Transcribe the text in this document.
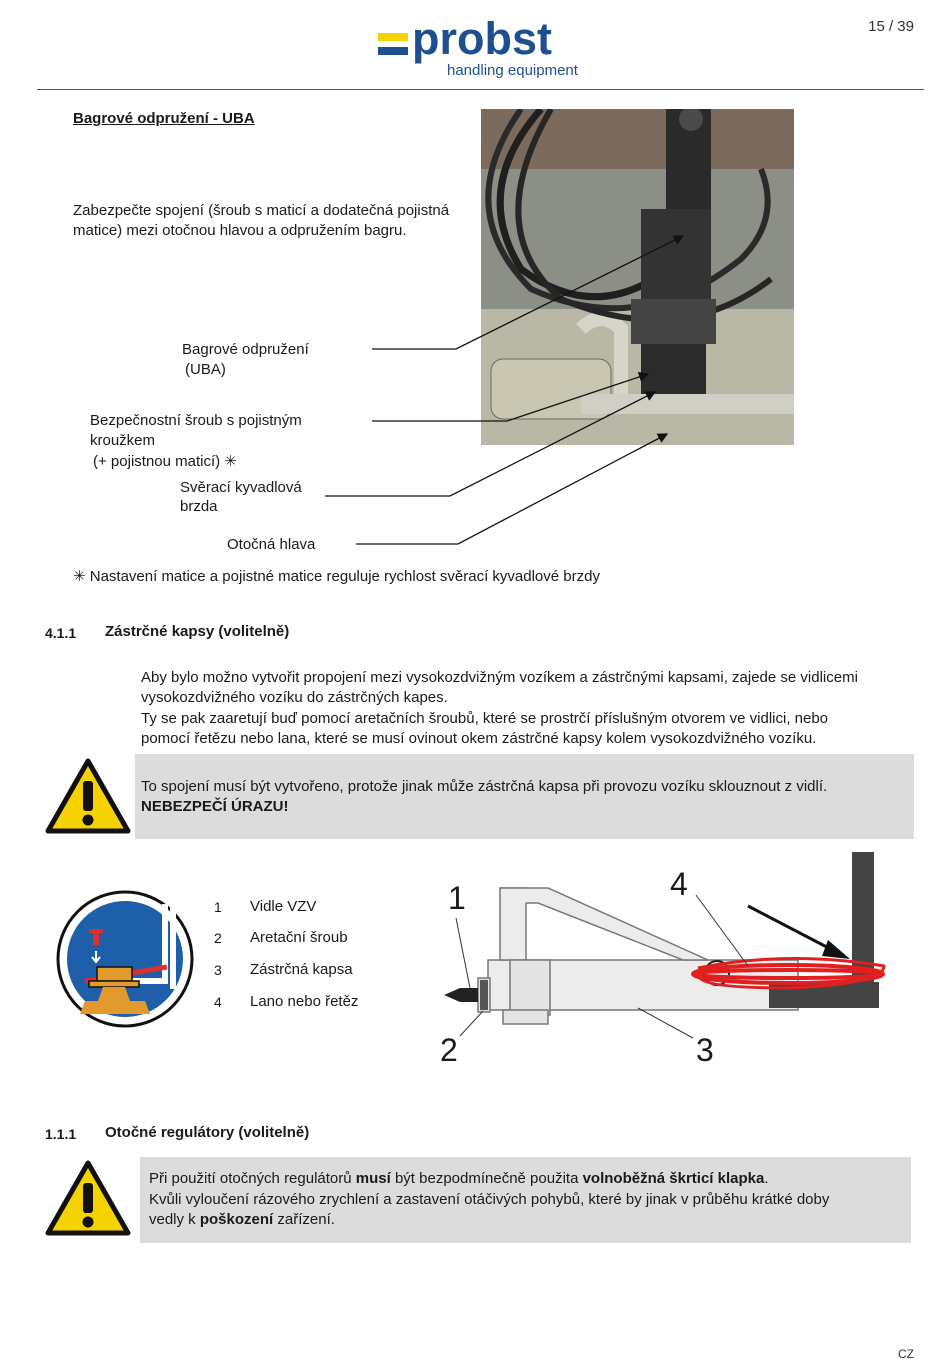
probst
handling equipment
15 / 39
Bagrové odpružení - UBA
Zabezpečte spojení (šroub s maticí a dodatečná pojistná
matice) mezi otočnou hlavou a odpružením bagru.
Bagrové odpružení
(UBA)
Bezpečnostní šroub s pojistným
kroužkem
(+ pojistnou maticí) ✳
Svěrací kyvadlová
brzda
Otočná hlava
✳ Nastavení matice a pojistné matice reguluje rychlost svěrací kyvadlové brzdy
4.1.1 Zástrčné kapsy (volitelně)
Aby bylo možno vytvořit propojení mezi vysokozdvižným vozíkem a zástrčnými kapsami, zajede se vidlicemi
vysokozdvižného vozíku do zástrčných kapes.
Ty se pak zaaretují buď pomocí aretačních šroubů, které se prostrčí příslušným otvorem ve vidlici, nebo
pomocí řetězu nebo lana, které se musí ovinout okem zástrčné kapsy kolem vysokozdvižného vozíku.
To spojení musí být vytvořeno, protože jinak může zástrčná kapsa při provozu vozíku sklouznout z vidlí.
NEBEZPEČÍ ÚRAZU!
1 Vidle VZV
2 Aretační šroub
3 Zástrčná kapsa
4 Lano nebo řetěz
1
2	3
4
1.1.1 Otočné regulátory (volitelně)
Při použití otočných regulátorů musí být bezpodmínečně použita volnoběžná škrticí klapka.
Kvůli vyloučení rázového zrychlení a zastavení otáčivých pohybů, které by jinak v průběhu krátké doby
vedly k poškození zařízení.
CZ
